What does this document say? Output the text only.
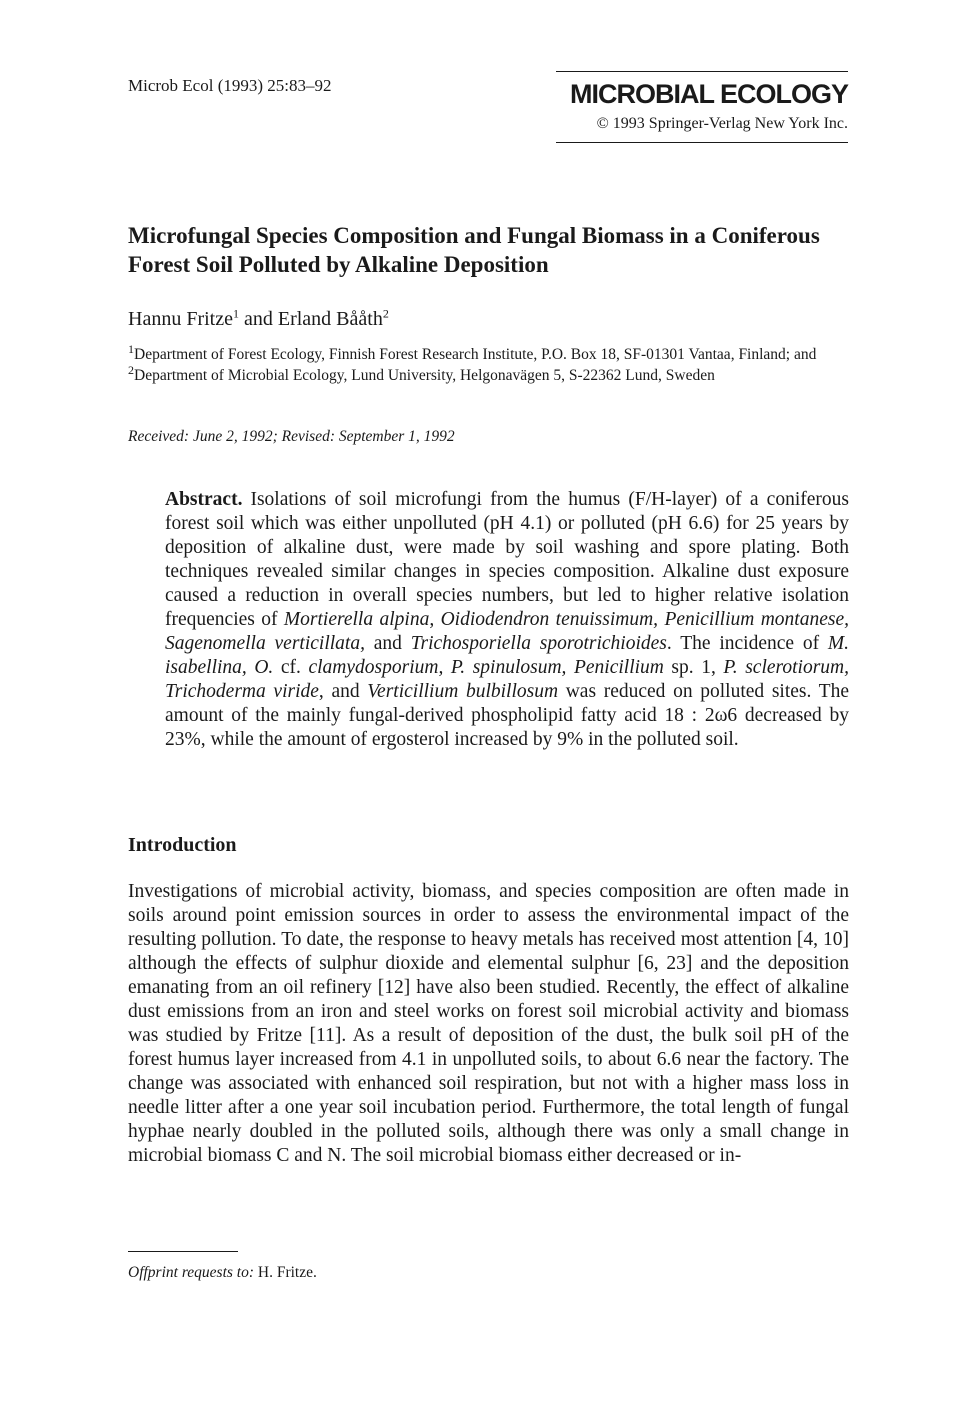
Microb Ecol (1993) 25:83–92	MICROBIAL ECOLOGY
© 1993 Springer-Verlag New York Inc.
Microfungal Species Composition and Fungal Biomass in a Coniferous Forest Soil Polluted by Alkaline Deposition
Hannu Fritze$^1$ and Erland Bååth$^2$
$^1$Department of Forest Ecology, Finnish Forest Research Institute, P.O. Box 18, SF-01301 Vantaa, Finland; and $^2$Department of Microbial Ecology, Lund University, Helgonavägen 5, S-22362 Lund, Sweden
Received: June 2, 1992; Revised: September 1, 1992
Abstract. Isolations of soil microfungi from the humus (F/H-layer) of a coniferous forest soil which was either unpolluted (pH 4.1) or polluted (pH 6.6) for 25 years by deposition of alkaline dust, were made by soil washing and spore plating. Both techniques revealed similar changes in species composition. Alkaline dust exposure caused a reduction in overall species numbers, but led to higher relative isolation frequencies of Mortierella alpina, Oidiodendron tenuissimum, Penicillium montanese, Sagenomella verticillata, and Trichosporiella sporotrichioides. The incidence of M. isabellina, O. cf. clamydosporium, P. spinulosum, Penicillium sp. 1, P. sclerotiorum, Trichoderma viride, and Verticillium bulbillosum was reduced on polluted sites. The amount of the mainly fungal-derived phospholipid fatty acid 18 : 2ω6 decreased by 23%, while the amount of ergosterol increased by 9% in the polluted soil.
Introduction

Investigations of microbial activity, biomass, and species composition are often made in soils around point emission sources in order to assess the environmental impact of the resulting pollution. To date, the response to heavy metals has received most attention [4, 10] although the effects of sulphur dioxide and elemental sulphur [6, 23] and the deposition emanating from an oil refinery [12] have also been studied. Recently, the effect of alkaline dust emissions from an iron and steel works on forest soil microbial activity and biomass was studied by Fritze [11]. As a result of deposition of the dust, the bulk soil pH of the forest humus layer increased from 4.1 in unpolluted soils, to about 6.6 near the factory. The change was associated with enhanced soil respiration, but not with a higher mass loss in needle litter after a one year soil incubation period. Furthermore, the total length of fungal hyphae nearly doubled in the polluted soils, although there was only a small change in microbial biomass C and N. The soil microbial biomass either decreased or in-

Offprint requests to: H. Fritze.
